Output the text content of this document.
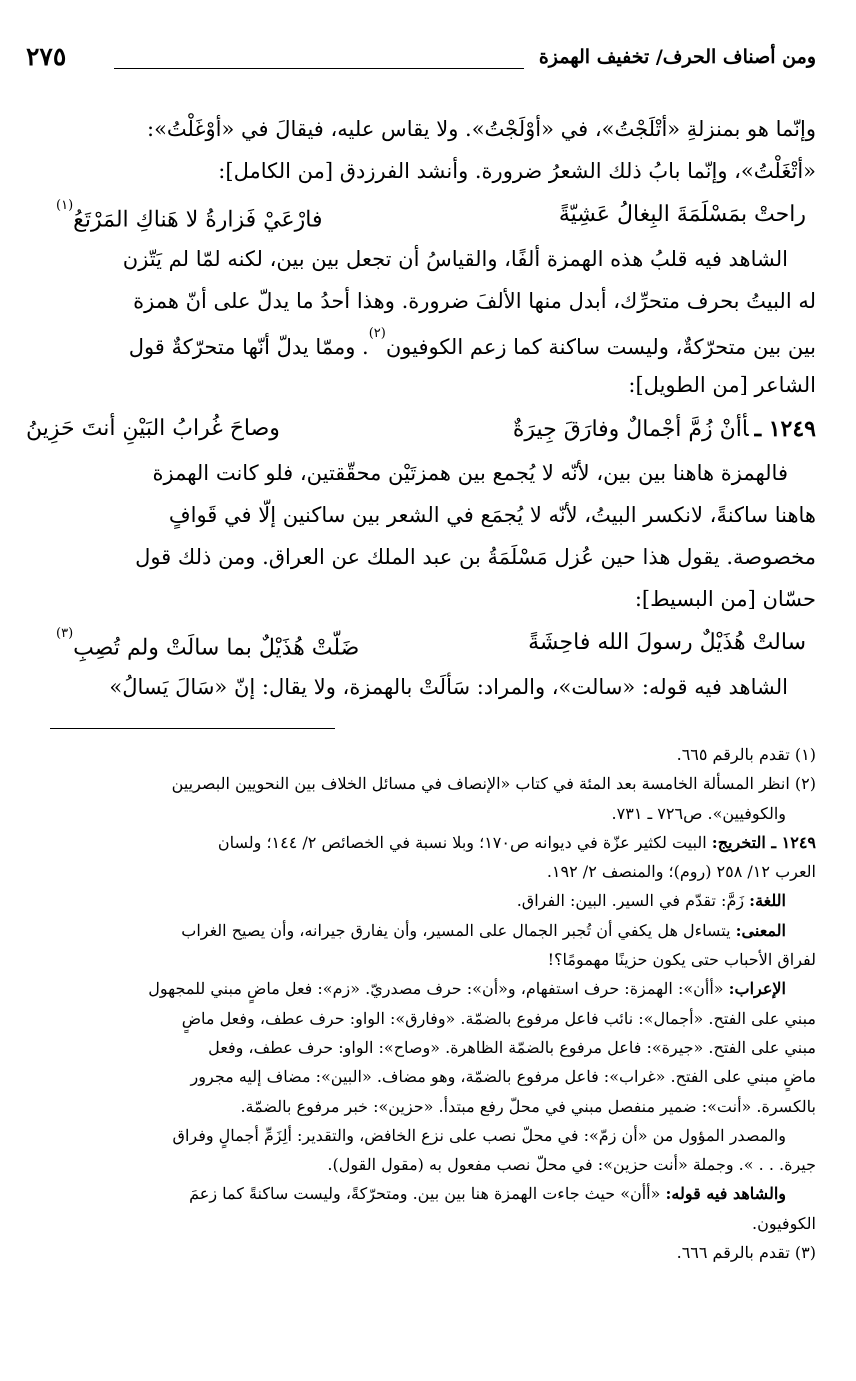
ومن أصناف الحرف/ تخفيف الهمزة
٢٧٥
وإنّما هو بمنزلةِ «أتْلَجْتُ»، في «أوْلَجْتُ». ولا يقاس عليه، فيقالَ في «أوْغَلْتُ»:
«أتْغَلْتُ»، وإنّما بابُ ذلك الشعرُ ضرورة. وأنشد الفرزدق [من الكامل]:
راحتْ بمَسْلَمَةَ البِغالُ عَشِيّةً
فارْعَيْ فَزارةُ لا هَناكِ المَرْتَعُ$^{(١)}$
الشاهد فيه قلبُ هذه الهمزة ألفًا، والقياسُ أن تجعل بين بين، لكنه لمّا لم يَتّزن
له البيتُ بحرف متحرِّك، أبدل منها الألفَ ضرورة. وهذا أحدُ ما يدلّ على أنّ همزة
بين بين متحرّكةٌ، وليست ساكنة كما زعم الكوفيون$^{(٢)}$. وممّا يدلّ أنّها متحرّكةٌ قول
الشاعر [من الطويل]:
١٢٤٩ ـأأنْ زُمَّ أجْمالٌ وفارَقَ جِيرَةٌ
وصاحَ غُرابُ البَيْنِ أنتَ حَزِينُ
فالهمزة هاهنا بين بين، لأنّه لا يُجمع بين همزتَيْن محقّقتين، فلو كانت الهمزة
هاهنا ساكنةً، لانكسر البيتُ، لأنّه لا يُجمَع في الشعر بين ساكنين إلّا في قَوافٍ
مخصوصة. يقول هذا حين عُزل مَسْلَمَةُ بن عبد الملك عن العراق. ومن ذلك قول
حسّان [من البسيط]:
سالتْ هُذَيْلٌ رسولَ الله فاحِشَةً
ضَلّتْ هُذَيْلٌ بما سالَتْ ولم تُصِبِ$^{(٣)}$
الشاهد فيه قوله: «سالت»، والمراد: سَألَتْ بالهمزة، ولا يقال: إنّ «سَالَ يَسالُ»
(١) تقدم بالرقم ٦٦٥.
(٢) انظر المسألة الخامسة بعد المئة في كتاب «الإنصاف في مسائل الخلاف بين النحويين البصريين
والكوفيين». ص٧٢٦ ـ ٧٣١.
١٢٤٩ ـ التخريج: البيت لكثير عزّة في ديوانه ص١٧٠؛ وبلا نسبة في الخصائص ٢/ ١٤٤؛ ولسان
العرب ١٢/ ٢٥٨ (روم)؛ والمنصف ٢/ ١٩٢.
اللغة: زَمَّ: تقدّم في السير. البين: الفراق.
المعنى: يتساءل هل يكفي أن تُجبر الجمال على المسير، وأن يفارق جيرانه، وأن يصيح الغراب
لفراق الأحباب حتى يكون حزينًا مهمومًا؟!
الإعراب: «أأن»: الهمزة: حرف استفهام، و«أن»: حرف مصدريّ. «زم»: فعل ماضٍ مبني للمجهول
مبني على الفتح. «أجمال»: نائب فاعل مرفوع بالضمّة. «وفارق»: الواو: حرف عطف، وفعل ماضٍ
مبني على الفتح. «جيرة»: فاعل مرفوع بالضمّة الظاهرة. «وصاح»: الواو: حرف عطف، وفعل
ماضٍ مبني على الفتح. «غراب»: فاعل مرفوع بالضمّة، وهو مضاف. «البين»: مضاف إليه مجرور
بالكسرة. «أنت»: ضمير منفصل مبني في محلّ رفع مبتدأ. «حزين»: خبر مرفوع بالضمّة.
والمصدر المؤول من «أن زمّ»: في محلّ نصب على نزع الخافض، والتقدير: ألِزَمِّ أجمالٍ وفراق
جيرة. . . ». وجملة «أنت حزين»: في محلّ نصب مفعول به (مقول القول).
والشاهد فيه قوله: «أأن» حيث جاءت الهمزة هنا بين بين. ومتحرّكةً، وليست ساكنةً كما زعمَ
الكوفيون.
(٣) تقدم بالرقم ٦٦٦.
